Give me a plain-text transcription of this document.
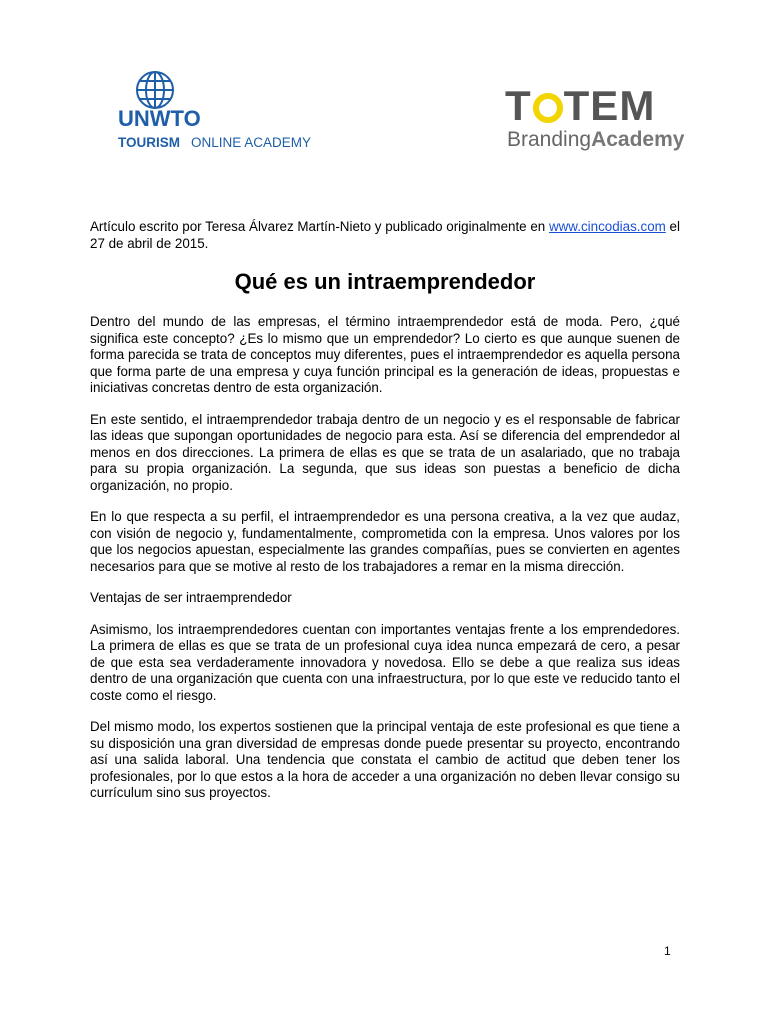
UNWTO
TOURISM ONLINE ACADEMY
T TEM
BrandingAcademy
Artículo escrito por Teresa Álvarez Martín-Nieto y publicado originalmente en www.cincodias.com el 27 de abril de 2015.
Qué es un intraemprendedor

Dentro del mundo de las empresas, el término intraemprendedor está de moda. Pero, ¿qué significa este concepto? ¿Es lo mismo que un emprendedor? Lo cierto es que aunque suenen de forma parecida se trata de conceptos muy diferentes, pues el intraemprendedor es aquella persona que forma parte de una empresa y cuya función principal es la generación de ideas, propuestas e iniciativas concretas dentro de esta organización.

En este sentido, el intraemprendedor trabaja dentro de un negocio y es el responsable de fabricar las ideas que supongan oportunidades de negocio para esta. Así se diferencia del emprendedor al menos en dos direcciones. La primera de ellas es que se trata de un asalariado, que no trabaja para su propia organización. La segunda, que sus ideas son puestas a beneficio de dicha organización, no propio.

En lo que respecta a su perfil, el intraemprendedor es una persona creativa, a la vez que audaz, con visión de negocio y, fundamentalmente, comprometida con la empresa. Unos valores por los que los negocios apuestan, especialmente las grandes compañías, pues se convierten en agentes necesarios para que se motive al resto de los trabajadores a remar en la misma dirección.

Ventajas de ser intraemprendedor

Asimismo, los intraemprendedores cuentan con importantes ventajas frente a los emprendedores. La primera de ellas es que se trata de un profesional cuya idea nunca empezará de cero, a pesar de que esta sea verdaderamente innovadora y novedosa. Ello se debe a que realiza sus ideas dentro de una organización que cuenta con una infraestructura, por lo que este ve reducido tanto el coste como el riesgo.

Del mismo modo, los expertos sostienen que la principal ventaja de este profesional es que tiene a su disposición una gran diversidad de empresas donde puede presentar su proyecto, encontrando así una salida laboral. Una tendencia que constata el cambio de actitud que deben tener los profesionales, por lo que estos a la hora de acceder a una organización no deben llevar consigo su currículum sino sus proyectos.

1
